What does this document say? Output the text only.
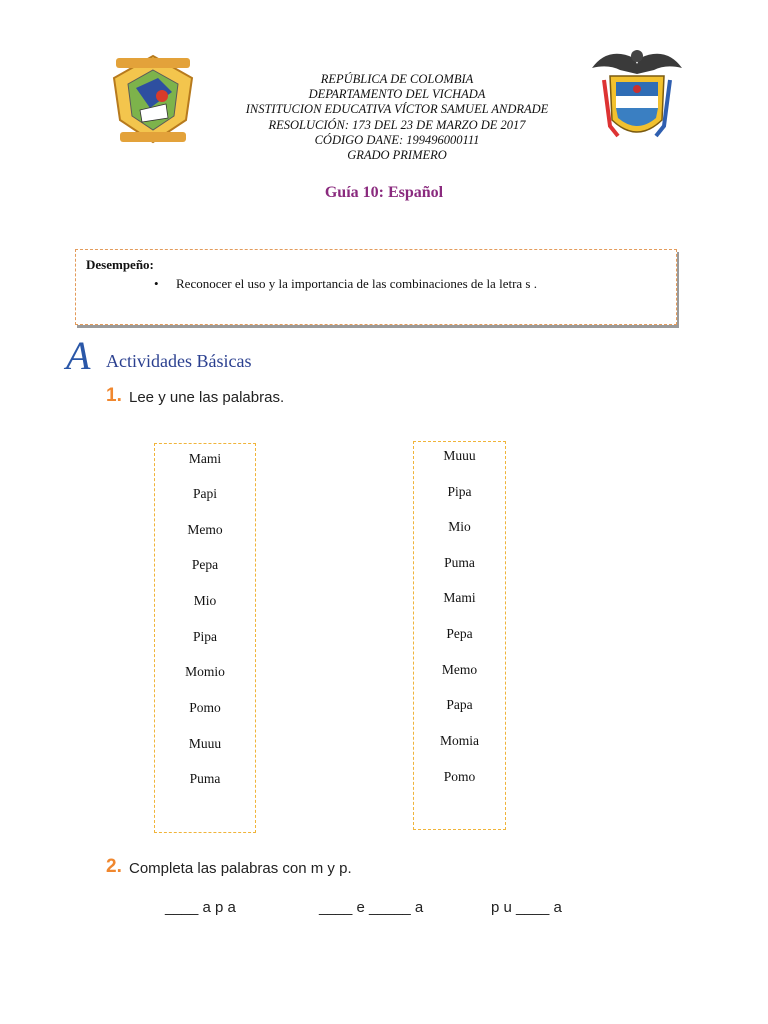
REPÚBLICA DE COLOMBIA
DEPARTAMENTO DEL VICHADA
INSTITUCION EDUCATIVA VÍCTOR SAMUEL ANDRADE
RESOLUCIÓN: 173 DEL 23 DE MARZO DE 2017
CÓDIGO DANE: 199496000111
GRADO PRIMERO
Guía 10: Español
Desempeño:
• Reconocer el uso y la importancia de las combinaciones de la letra s .
A Actividades Básicas
1. Lee y une las palabras.
Mami
Papi
Memo
Pepa
Mio
Pipa
Momio
Pomo
Muuu
Puma
Muuu
Pipa
Mio
Puma
Mami
Pepa
Memo
Papa
Momia
Pomo
2. Completa las palabras con m y p.
____ a p a	____ e _____ a	p u ____ a
